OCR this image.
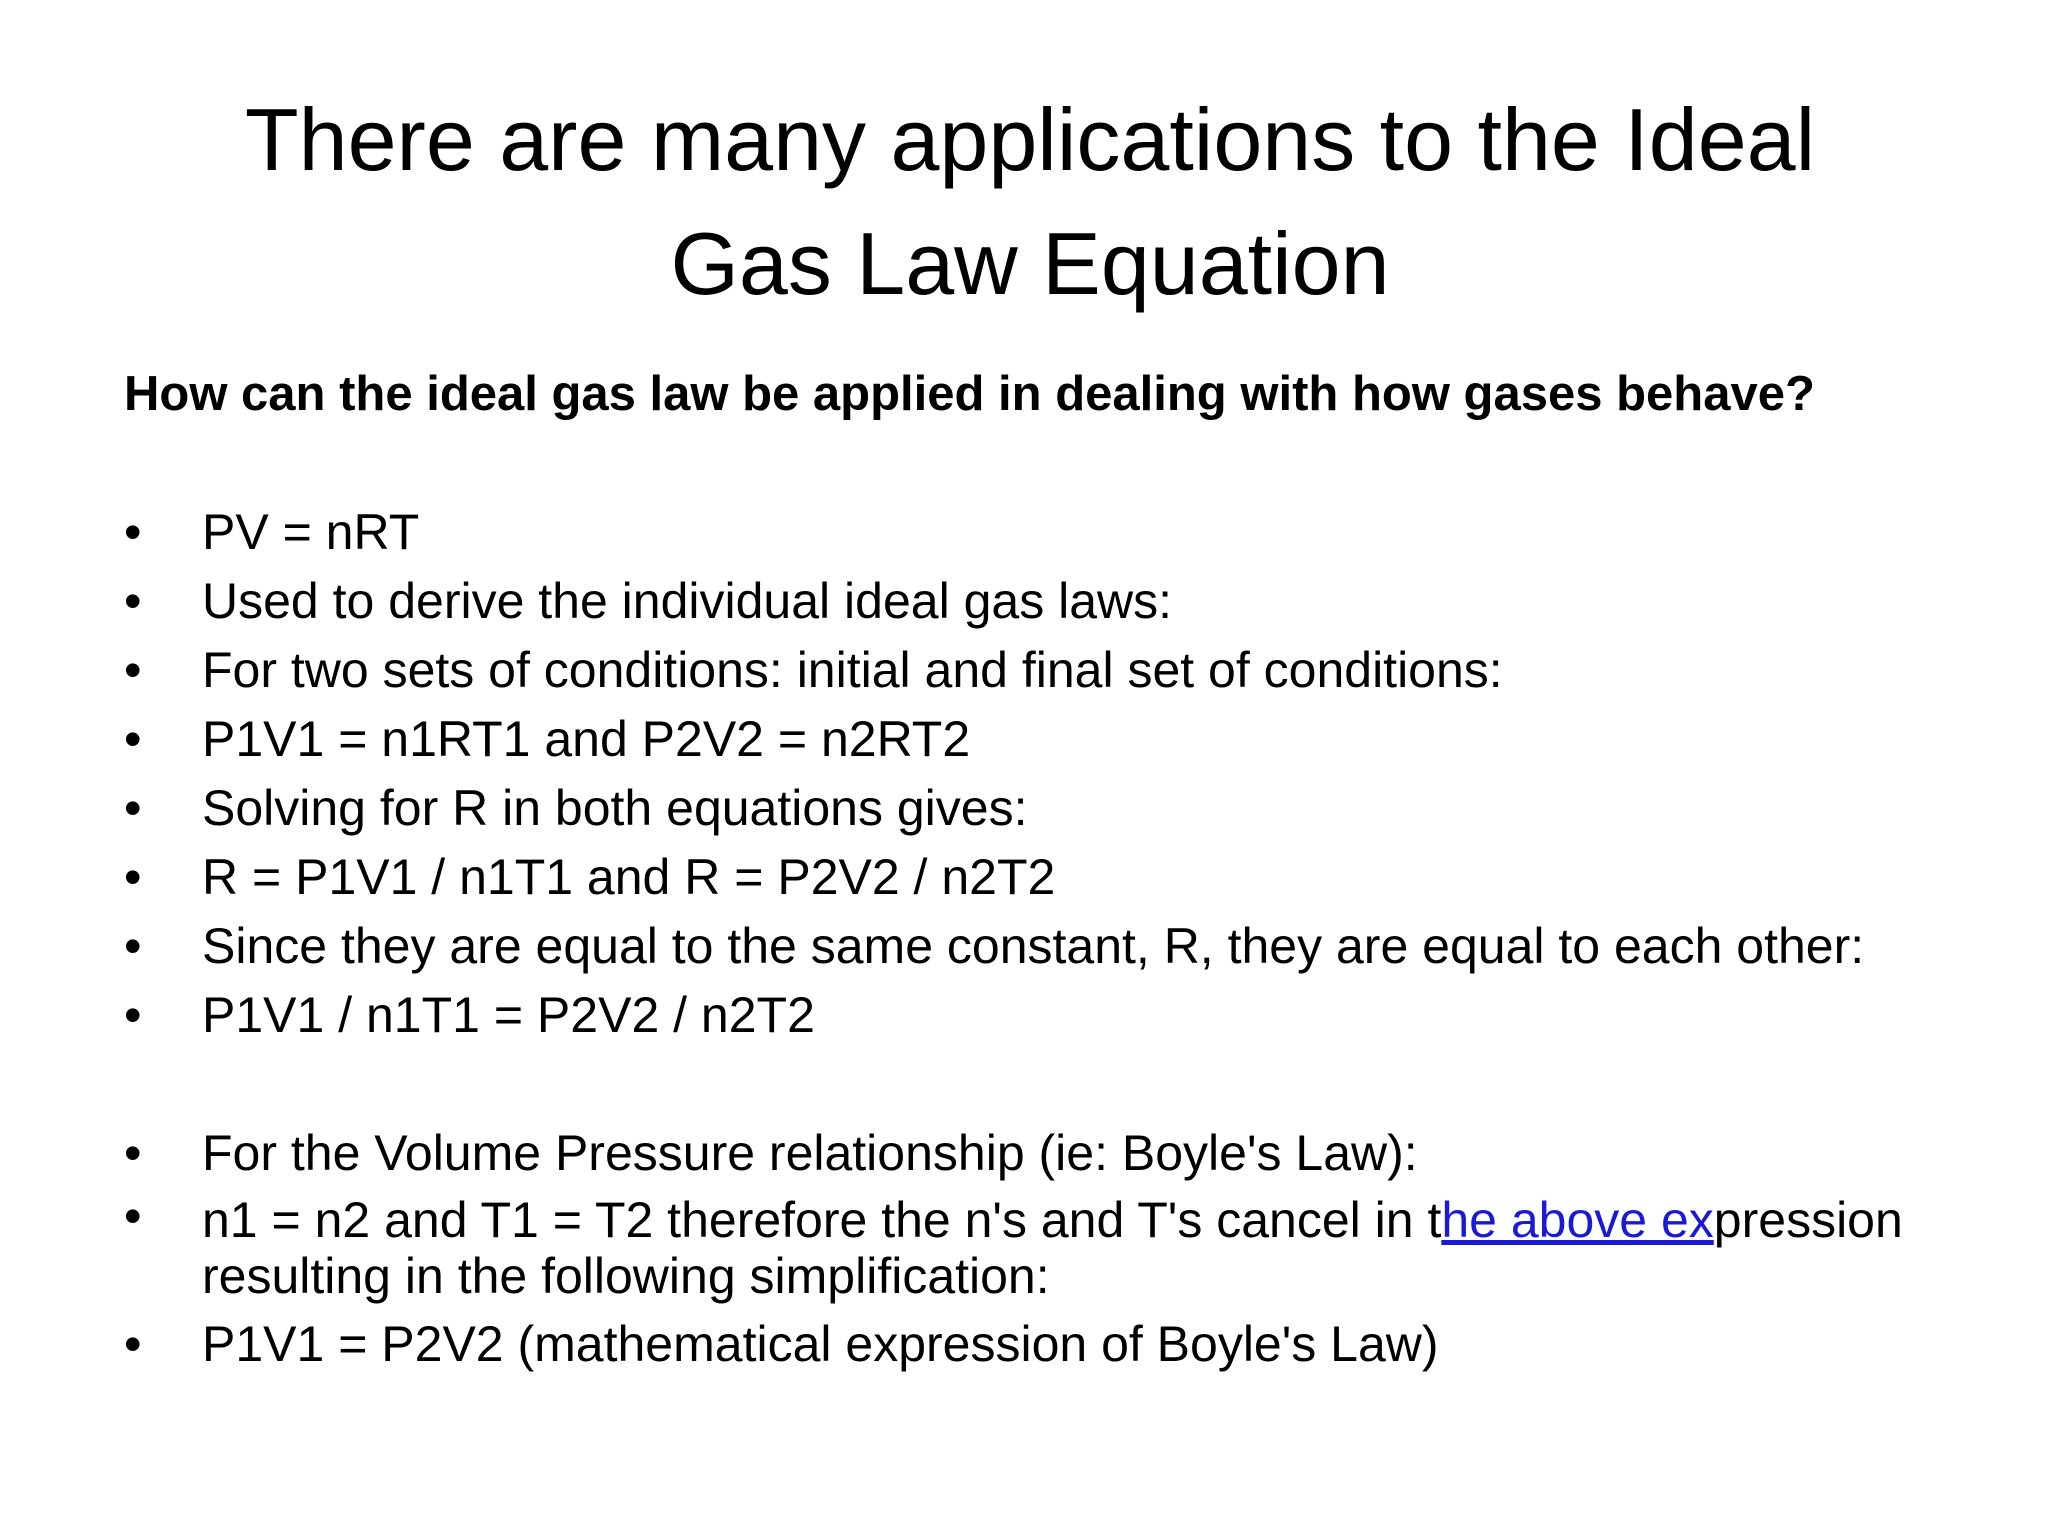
There are many applications to the Ideal
Gas Law Equation

How can the ideal gas law be applied in dealing with how gases behave?

•	PV = nRT
•	Used to derive the individual ideal gas laws:
•	For two sets of conditions: initial and final set of conditions:
•	P1V1 = n1RT1 and P2V2 = n2RT2
•	Solving for R in both equations gives:
•	R = P1V1 / n1T1 and R = P2V2 / n2T2
•	Since they are equal to the same constant, R, they are equal to each other:
•	P1V1 / n1T1 = P2V2 / n2T2
•	For the Volume Pressure relationship (ie: Boyle's Law):
•	n1 = n2 and T1 = T2 therefore the n's and T's cancel in the above expression resulting in the following simplification:
•	P1V1 = P2V2 (mathematical expression of Boyle's Law)
